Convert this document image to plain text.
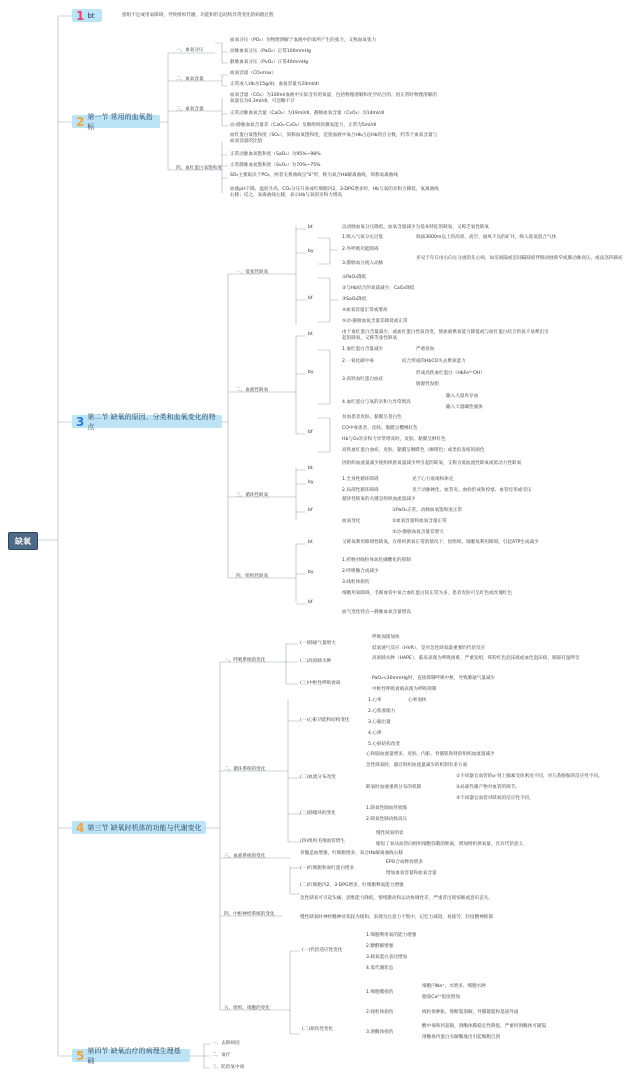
缺氧
1 bt	指组不足或用氧障碍，导致组织代谢、功能和形态结构异常变化的病理过程
2 第一节 常用的血氧指标
一、血氧分压
血氧分压（PO₂）为物理溶解于血液中的氧所产生的张力，又称血氧张力
动脉血氧分压（PaO₂）正常100mmHg
静脉血氧分压（PvO₂）正常40mmHg
二、血氧容量
血氧容量（CO₂max）
正常成人Hb为15g/dl，血氧容量为20ml/dl
三、血氧含量
血氧含量（CO₂）为100ml血液中实际含有的氧量，包括物理溶解和化学结合的。因正常时物理溶解的氧量仅为0.3ml/dl，可忽略不计
正常动脉血氧含量（CaO₂）为19ml/dl，静脉血氧含量（CvO₂）为14ml/dl
动-静脉血氧含量差（CaO₂-CvO₂）反映组织的摄氧能力，正常为5ml/dl
四、血红蛋白氧饱和度
血红蛋白氧饱和度（SO₂），简称血氧饱和度，是指血液中氧合Hb占总Hb的百分数，约等于血氧含量与血氧容量的比值
正常动脉血氧饱和度（SaO₂）为95%~98%
正常静脉血氧饱和度（SvO₂）为70%~75%
SO₂主要取决于PO₂，两者关系曲线呈"S"形，称为氧合Hb解离曲线，简称氧离曲线
血液pH下降、温度升高、CO₂分压升高或红细胞内2，3-DPG增多时，Hb与氧的亲和力降低，氧离曲线右移；反之，氧离曲线左移，表示Hb与氧的亲和力增高
3 第二节 缺氧的原因、分类和血氧变化的特点
一、低张性缺氧
bt	以动脉血氧分压降低，血氧含量减少为基本特征的缺氧，又称乏氧性缺氧
by
1.吸入气氧分压过低	海拔3000m以上的高原、高空，通风不良的矿井，吸入低氧混合气体
2.外呼吸功能障碍
3.静脉血分流入动脉
多见于存在由右向左分流的先心病，如房间隔或室间隔缺损伴肺动脉狭窄或肺动脉高压，或法洛四联症
bf
①PaO₂降低
②与Hb结合的氧量减少，CaO₂降低
③SaO₂降低
④血氧容量正常或增高
⑤动-静脉血氧含量差降低或正常
二、血液性缺氧
bt	由于血红蛋白含量减少，或血红蛋白性质改变，使血液携氧能力降低或与血红蛋白结合的氧不易释出引起的缺氧，又称等张性缺氧
by
1.血红蛋白含量减少	严重贫血
2.一氧化碳中毒	结合形成的HbCO失去携氧能力
3.高铁血红蛋白血症
形成高铁血红蛋白（HbFe³⁺OH）
肠源性发绀
4.血红蛋白与氧的亲和力异常增高
输入大量库存血
输入大量碱性液体
bf
贫血患者皮肤、黏膜呈苍白色
CO中毒患者，皮肤、黏膜呈樱桃红色
Hb与O₂的亲和力异常增高时，皮肤、黏膜呈鲜红色
高铁血红蛋白血症，皮肤、黏膜呈咖啡色（咖啡色）或类似发绀的颜色
三、循环性缺氧
bt
因组织血流量减少使组织供氧量减少所引起的缺氧，又称为低血流性缺氧或低动力性缺氧
by
1.全身性循环障碍	见于心力衰竭和休克
2.局部性循环障碍	见于动脉硬化、血管炎、血栓形成和栓塞、血管痉挛或受压
bf
循环性缺氧的关键是组织血流量减少
血氧变化
①PaO₂正常，动脉血氧饱和度正常
②血氧容量和血氧含量正常
③动-静脉血氧含量差增大
四、组织性缺氧
bt	又称氧利用障碍性缺氧，在组织供氧正常的情况下，因组织、细胞氧利用障碍，引起ATP生成减少
by
1.药物对线粒体氧化磷酸化的抑制
2.呼吸酶合成减少
3.线粒体损伤
bf
细胞用氧障碍，毛细血管中氧合血红蛋白较正常为多，患者皮肤可呈红色或玫瑰红色
血气变化特点—静脉血氧含量增高
4 第三节 缺氧时机体的功能与代谢变化
一、呼吸系统的变化
(一)肺通气量增大
呼吸加深加快
低氧通气反应（HVR），是对急性缺氧最重要的代偿反应
(二)高原肺水肿
高原肺水肿（HAPE），临床表现为呼吸困难，严重发绀，咳粉红色泡沫痰或血色泡沫痰，肺部有湿啰音
(三)中枢性呼吸衰竭
PaO₂<30mmHg时，直接抑制呼吸中枢，导致肺通气量减少
中枢性呼吸衰竭表现为呼吸抑制
二、循环系统的变化
(一)心脏功能和结构变化
1.心率	心率加快
2.心肌收缩力
3.心输出量
4.心律
5.心脏结构改变
(二)血流分布改变
心和脑血流量增多，皮肤、内脏、骨骼肌和肾的组织血流量减少
急性缺氧时，器官组织血流量减少的机制有多方面
缺氧时血液重新分布的机制
①不同器官血管的α-肾上腺素受体密度不同，对儿茶酚胺的反应性不同。
②局部代谢产物对血管的调节。
③不同器官血管对缺氧的反应性不同。
(三)肺循环的变化
1.缺氧性肺血管收缩
2.缺氧性肺动脉高压
(四)组织毛细血管增生
慢性缺氧明显
缩短了氧从血管向组织细胞弥散的距离，增加组织供氧量，具有代偿意义
三、血液系统的变化
骨髓造血增强，红细胞增多，氧合Hb解离曲线右移
(一)红细胞和血红蛋白增多
EPO合成释放增多
增加血氧容量和血氧含量
(二)红细胞内2，3-DPG增多，红细胞释氧能力增强
四、中枢神经系统的变化
急性缺氧可引起头痛，思维能力降低，情绪激动和运动协调性差，严重者出现惊厥或意识丧失。
慢性缺氧时神经精神症状较为缓和，表现为注意力不集中，记忆力减退，易疲劳，轻度精神抑郁
五、组织、细胞的变化
(一)代偿适应性变化
1.细胞利用氧的能力增强
2.糖酵解增强
3.载氧蛋白表达增加
4.低代谢状态
(二)损伤性变化
1.细胞膜损伤
细胞内Na⁺、水增多，细胞水肿
胞质Ca²⁺浓度增加
2.线粒体损伤	线粒体肿胀、脊断裂崩解，外膜破裂和基质外溢
3.溶酶体损伤
酸中毒和钙超载，溶酶体膜稳定性降低，严重时溶酶体可破裂
溶酶体内蛋白水解酶逸出引起细胞自溶
5 第四节 缺氧治疗的病理生理基础
一、去除病因
二、氧疗
三、防治氧中毒
